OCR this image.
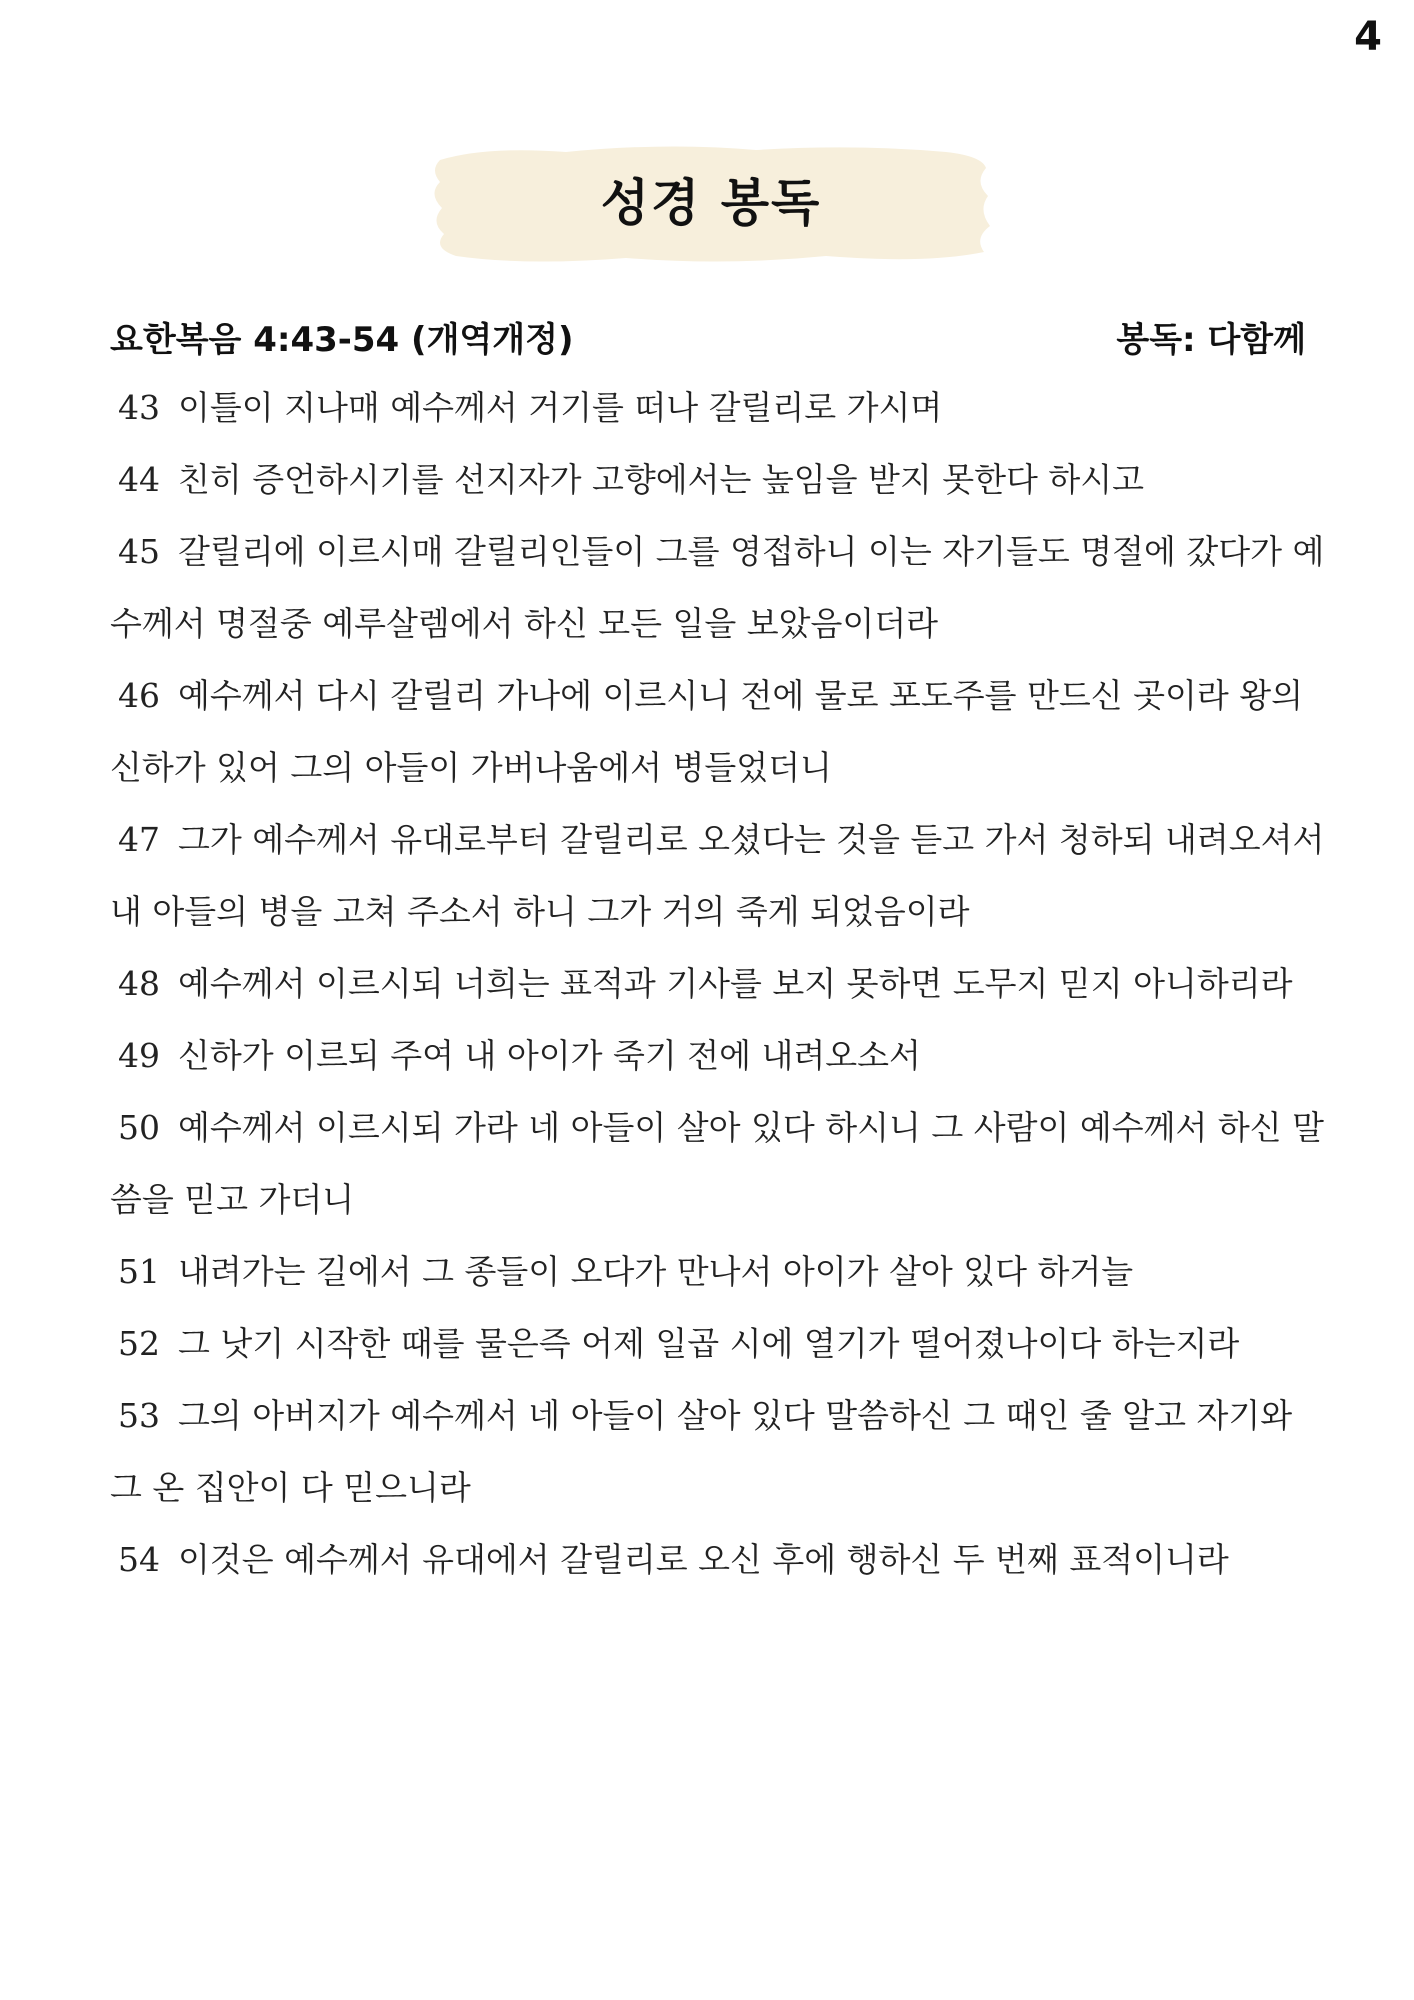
4
성경 봉독
요한복음 4:43-54 (개역개정)	봉독: 다함께

43 이틀이 지나매 예수께서 거기를 떠나 갈릴리로 가시며

44 친히 증언하시기를 선지자가 고향에서는 높임을 받지 못한다 하시고

45 갈릴리에 이르시매 갈릴리인들이 그를 영접하니 이는 자기들도 명절에 갔다가 예수께서 명절중 예루살렘에서 하신 모든 일을 보았음이더라

46 예수께서 다시 갈릴리 가나에 이르시니 전에 물로 포도주를 만드신 곳이라 왕의 신하가 있어 그의 아들이 가버나움에서 병들었더니

47 그가 예수께서 유대로부터 갈릴리로 오셨다는 것을 듣고 가서 청하되 내려오셔서 내 아들의 병을 고쳐 주소서 하니 그가 거의 죽게 되었음이라

48 예수께서 이르시되 너희는 표적과 기사를 보지 못하면 도무지 믿지 아니하리라

49 신하가 이르되 주여 내 아이가 죽기 전에 내려오소서

50 예수께서 이르시되 가라 네 아들이 살아 있다 하시니 그 사람이 예수께서 하신 말씀을 믿고 가더니

51 내려가는 길에서 그 종들이 오다가 만나서 아이가 살아 있다 하거늘

52 그 낫기 시작한 때를 물은즉 어제 일곱 시에 열기가 떨어졌나이다 하는지라

53 그의 아버지가 예수께서 네 아들이 살아 있다 말씀하신 그 때인 줄 알고 자기와 그 온 집안이 다 믿으니라

54 이것은 예수께서 유대에서 갈릴리로 오신 후에 행하신 두 번째 표적이니라
